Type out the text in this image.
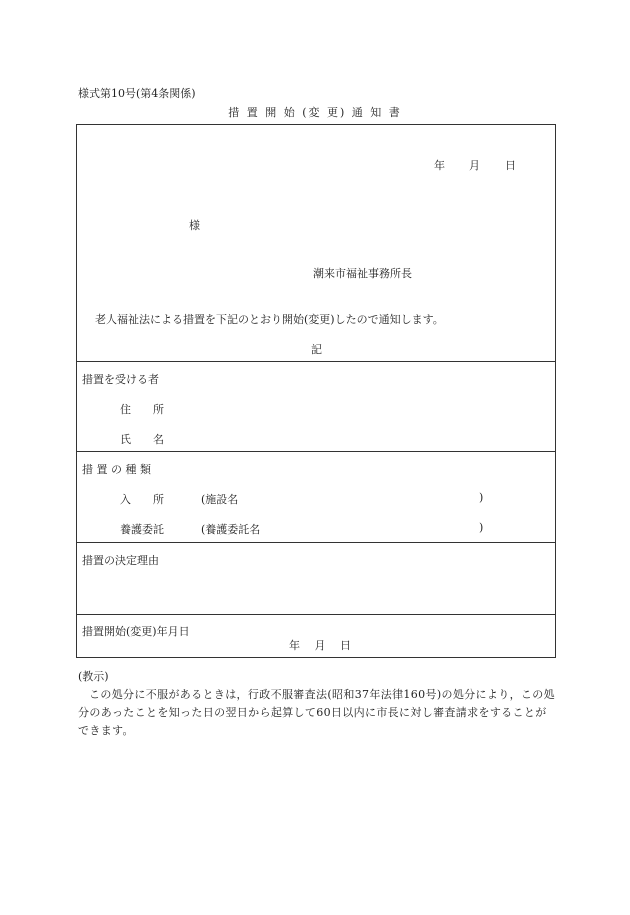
様式第10号(第4条関係)
措 置 開 始 (変 更) 通 知 書
年 月 日
様
潮来市福祉事務所長
老人福祉法による措置を下記のとおり開始(変更)したので通知します。
記
措置を受ける者
住　　所
氏　　名
措 置 の 種 類
入　　所	(施設名	)
養護委託	(養護委託名	)
措置の決定理由
措置開始(変更)年月日
年　 月　 日
(教示)
この処分に不服があるときは，行政不服審査法(昭和37年法律160号)の処分により，この処分のあったことを知った日の翌日から起算して60日以内に市長に対し審査請求をすることができます。
